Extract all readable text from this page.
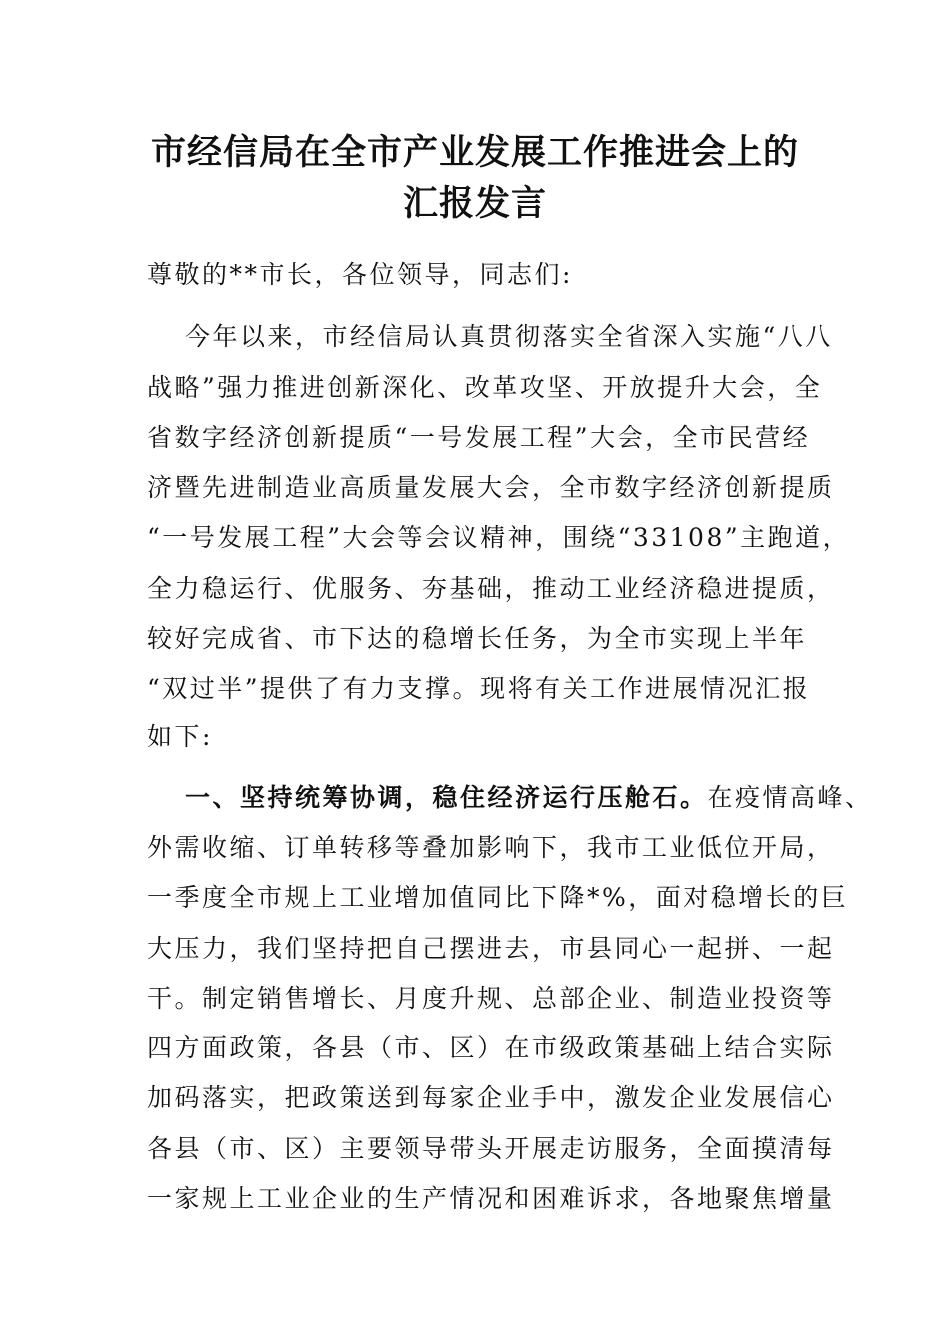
市经信局在全市产业发展工作推进会上的
汇报发言
尊敬的**市长，各位领导，同志们:
今年以来，市经信局认真贯彻落实全省深入实施“八八
战略”强力推进创新深化、改革攻坚、开放提升大会，全
省数字经济创新提质“一号发展工程”大会，全市民营经
济暨先进制造业高质量发展大会，全市数字经济创新提质
“一号发展工程”大会等会议精神，围绕“33108”主跑道，
全力稳运行、优服务、夯基础，推动工业经济稳进提质，
较好完成省、市下达的稳增长任务，为全市实现上半年
“双过半”提供了有力支撑。现将有关工作进展情况汇报
如下:
一、坚持统筹协调，稳住经济运行压舱石。在疫情高峰、
外需收缩、订单转移等叠加影响下，我市工业低位开局，
一季度全市规上工业增加值同比下降*%，面对稳增长的巨
大压力，我们坚持把自己摆进去，市县同心一起拼、一起
干。制定销售增长、月度升规、总部企业、制造业投资等
四方面政策，各县（市、区）在市级政策基础上结合实际
加码落实，把政策送到每家企业手中，激发企业发展信心
各县（市、区）主要领导带头开展走访服务，全面摸清每
一家规上工业企业的生产情况和困难诉求，各地聚焦增量
